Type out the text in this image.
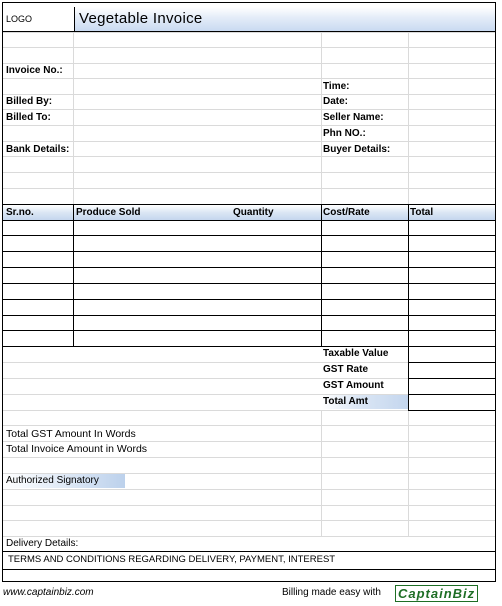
LOGO	Vegetable Invoice
Invoice No.:
Time:
Billed By:	Date:
Billed To:	Seller Name:
Phn NO.:
Bank Details:	Buyer Details:
Sr.no.	Produce Sold	Quantity	Cost/Rate	Total
Taxable Value
GST Rate
GST Amount
Total Amt
Total GST Amount In Words
Total Invoice Amount in Words
Authorized Signatory
Delivery Details:
TERMS AND CONDITIONS REGARDING DELIVERY, PAYMENT, INTEREST
www.captainbiz.com	Billing made easy with CaptainBiz
